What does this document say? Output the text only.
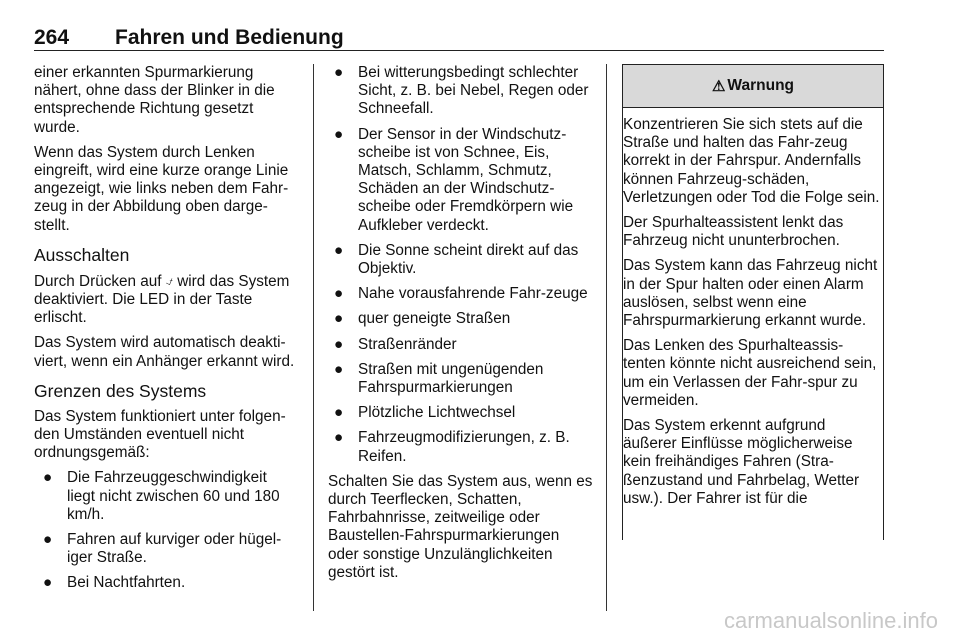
264 Fahren und Bedienung

einer erkannten Spurmarkierung nähert, ohne dass der Blinker in die entsprechende Richtung gesetzt wurde.

Wenn das System durch Lenken eingreift, wird eine kurze orange Linie angezeigt, wie links neben dem Fahr-zeug in der Abbildung oben darge-stellt.

Ausschalten

Durch Drücken auf ⍻ wird das System deaktiviert. Die LED in der Taste erlischt.

Das System wird automatisch deakti-viert, wenn ein Anhänger erkannt wird.

Grenzen des Systems

Das System funktioniert unter folgen-den Umständen eventuell nicht ordnungsgemäß:

● Die Fahrzeuggeschwindigkeit liegt nicht zwischen 60 und 180 km/h.
● Fahren auf kurviger oder hügel-iger Straße.
● Bei Nachtfahrten.
● Bei witterungsbedingt schlechter Sicht, z. B. bei Nebel, Regen oder Schneefall.
● Der Sensor in der Windschutz-scheibe ist von Schnee, Eis, Matsch, Schlamm, Schmutz, Schäden an der Windschutz-scheibe oder Fremdkörpern wie Aufkleber verdeckt.
● Die Sonne scheint direkt auf das Objektiv.
● Nahe vorausfahrende Fahr-zeuge
● quer geneigte Straßen
● Straßenränder
● Straßen mit ungenügenden Fahrspurmarkierungen
● Plötzliche Lichtwechsel
● Fahrzeugmodifizierungen, z. B. Reifen.

Schalten Sie das System aus, wenn es durch Teerflecken, Schatten, Fahrbahnrisse, zeitweilige oder Baustellen-Fahrspurmarkierungen oder sonstige Unzulänglichkeiten gestört ist.

⚠ Warnung

Konzentrieren Sie sich stets auf die Straße und halten das Fahr-zeug korrekt in der Fahrspur. Andernfalls können Fahrzeug-schäden, Verletzungen oder Tod die Folge sein.

Der Spurhalteassistent lenkt das Fahrzeug nicht ununterbrochen.

Das System kann das Fahrzeug nicht in der Spur halten oder einen Alarm auslösen, selbst wenn eine Fahrspurmarkierung erkannt wurde.

Das Lenken des Spurhalteassis-tenten könnte nicht ausreichend sein, um ein Verlassen der Fahr-spur zu vermeiden.

Das System erkennt aufgrund äußerer Einflüsse möglicherweise kein freihändiges Fahren (Stra-ßenzustand und Fahrbelag, Wetter usw.). Der Fahrer ist für die

carmanualsonline.info
